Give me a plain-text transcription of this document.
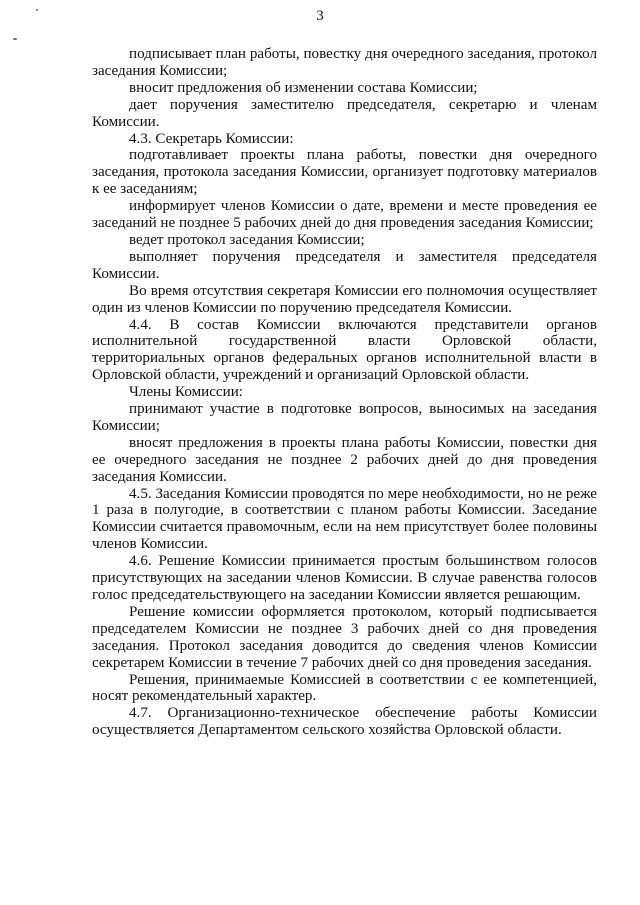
3

подписывает план работы, повестку дня очередного заседания, протокол заседания Комиссии;

вносит предложения об изменении состава Комиссии;

дает поручения заместителю председателя, секретарю и членам Комиссии.

4.3. Секретарь Комиссии:

подготавливает проекты плана работы, повестки дня очередного заседания, протокола заседания Комиссии, организует подготовку материалов к ее заседаниям;

информирует членов Комиссии о дате, времени и месте проведения ее заседаний не позднее 5 рабочих дней до дня проведения заседания Комиссии;

ведет протокол заседания Комиссии;

выполняет поручения председателя и заместителя председателя Комиссии.

Во время отсутствия секретаря Комиссии его полномочия осуществляет один из членов Комиссии по поручению председателя Комиссии.

4.4. В состав Комиссии включаются представители органов исполнительной государственной власти Орловской области, территориальных органов федеральных органов исполнительной власти в Орловской области, учреждений и организаций Орловской области.

Члены Комиссии:

принимают участие в подготовке вопросов, выносимых на заседания Комиссии;

вносят предложения в проекты плана работы Комиссии, повестки дня ее очередного заседания не позднее 2 рабочих дней до дня проведения заседания Комиссии.

4.5. Заседания Комиссии проводятся по мере необходимости, но не реже 1 раза в полугодие, в соответствии с планом работы Комиссии. Заседание Комиссии считается правомочным, если на нем присутствует более половины членов Комиссии.

4.6. Решение Комиссии принимается простым большинством голосов присутствующих на заседании членов Комиссии. В случае равенства голосов голос председательствующего на заседании Комиссии является решающим.

Решение комиссии оформляется протоколом, который подписывается председателем Комиссии не позднее 3 рабочих дней со дня проведения заседания. Протокол заседания доводится до сведения членов Комиссии секретарем Комиссии в течение 7 рабочих дней со дня проведения заседания.

Решения, принимаемые Комиссией в соответствии с ее компетенцией, носят рекомендательный характер.

4.7. Организационно-техническое обеспечение работы Комиссии осуществляется Департаментом сельского хозяйства Орловской области.
